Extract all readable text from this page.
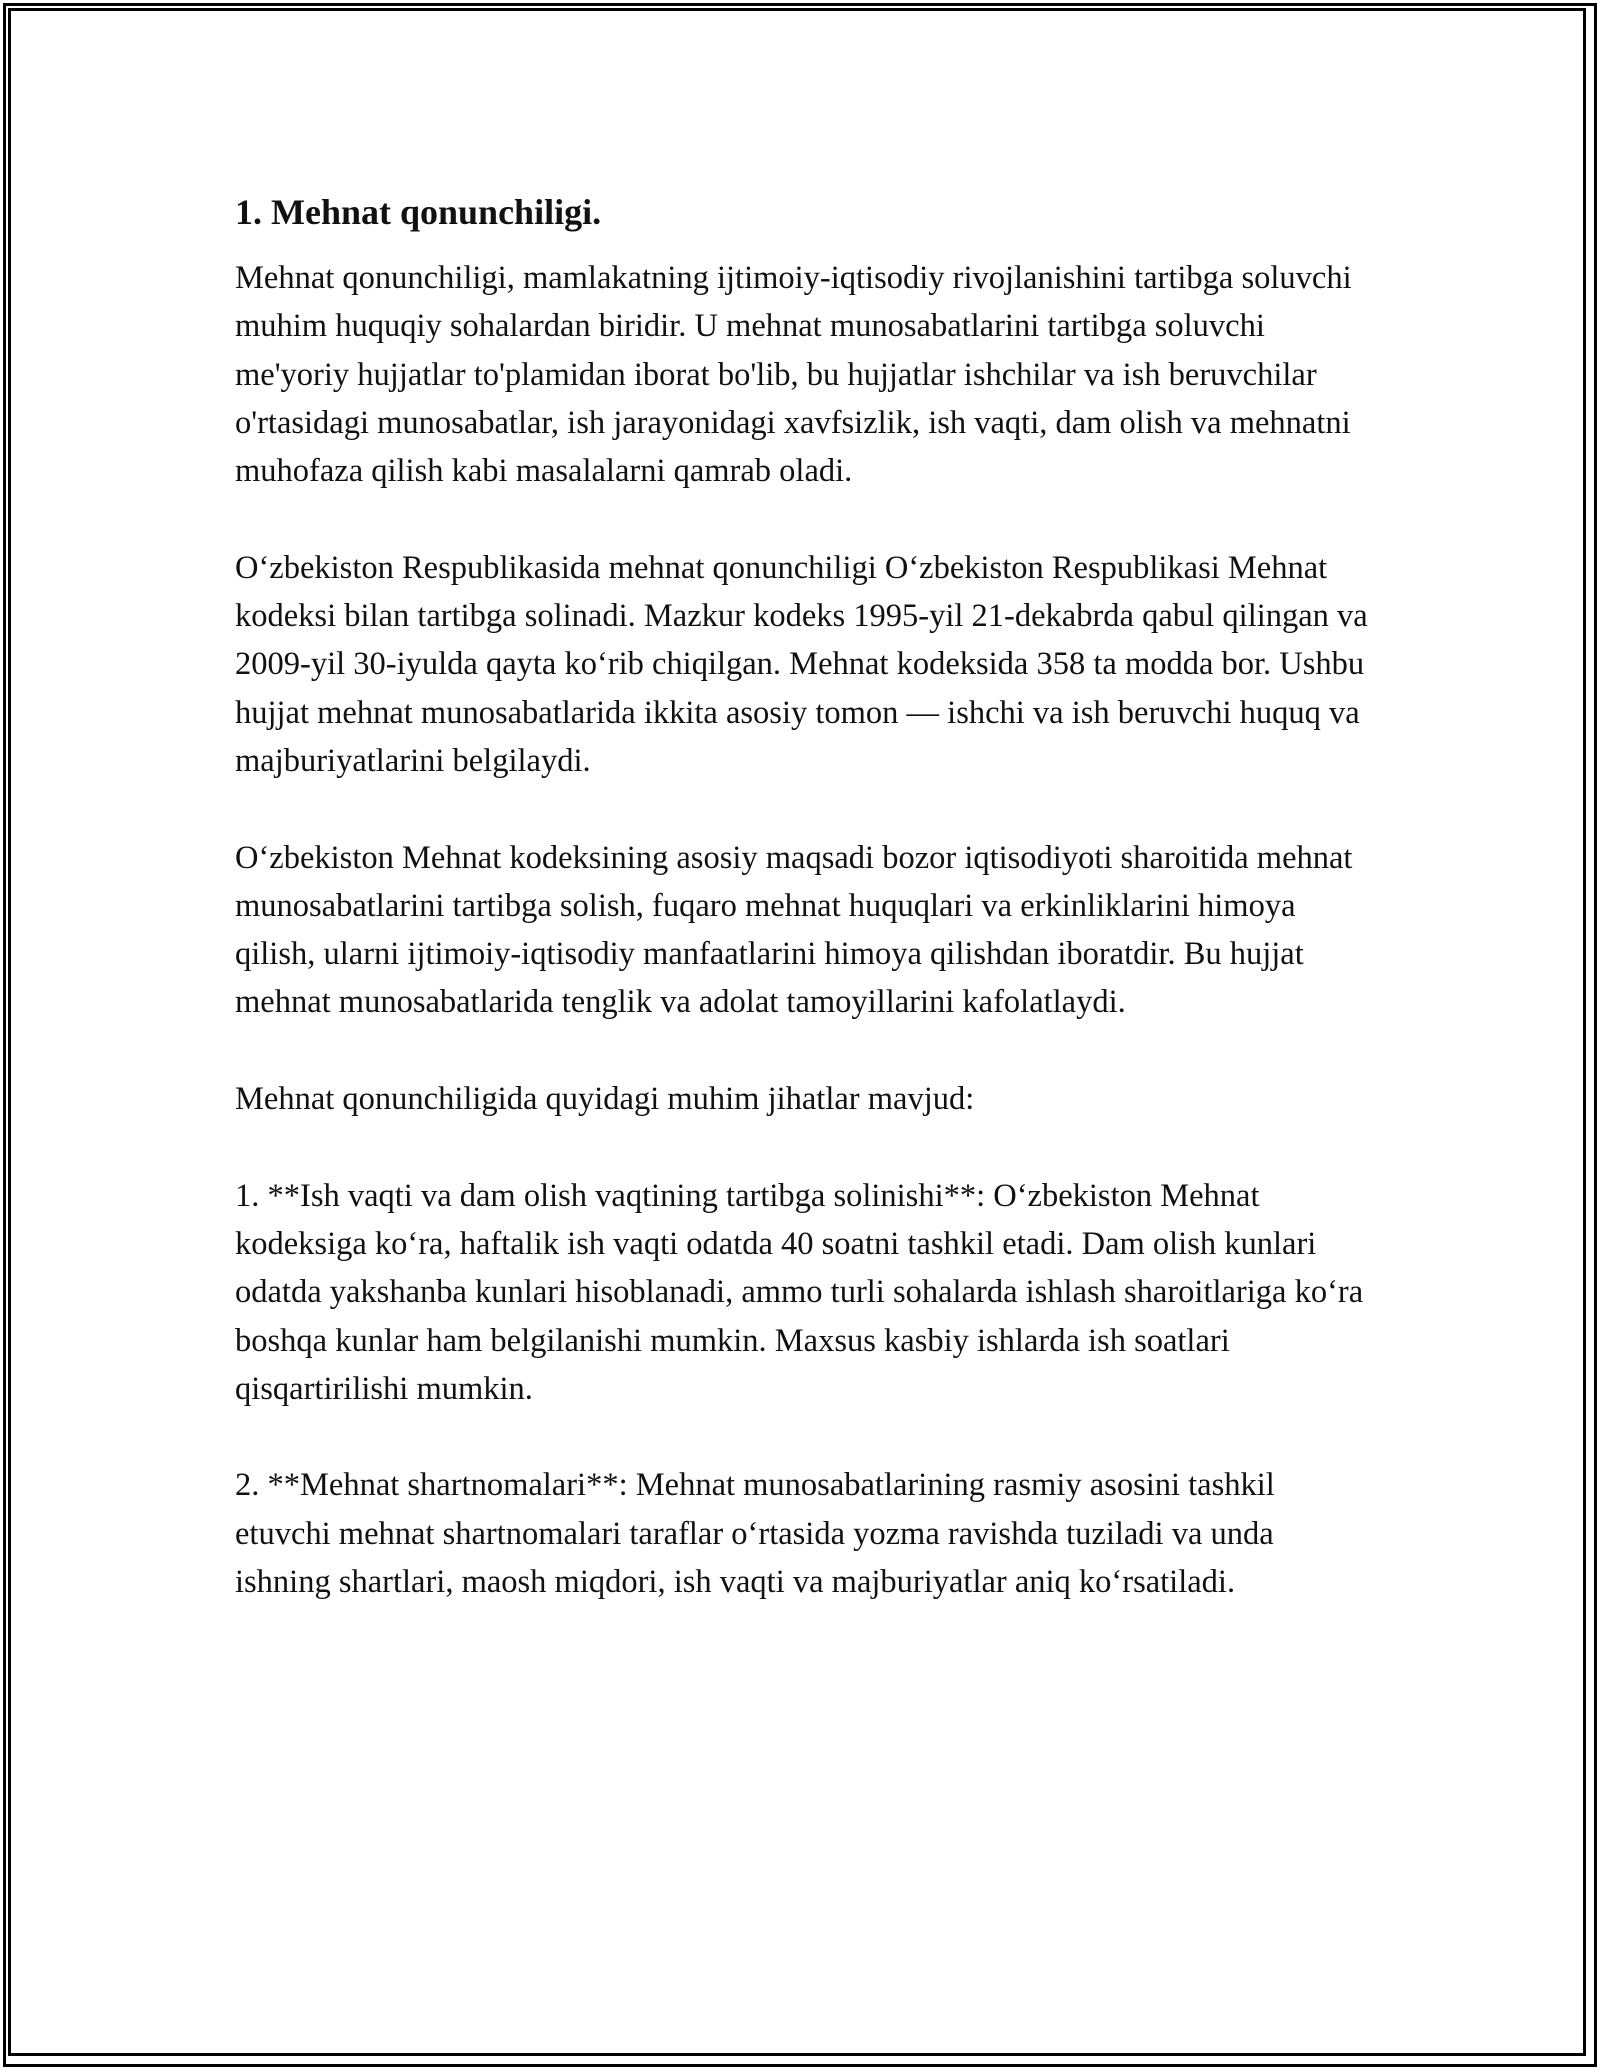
1. Mehnat qonunchiligi.

Mehnat qonunchiligi, mamlakatning ijtimoiy-iqtisodiy rivojlanishini tartibga soluvchi muhim huquqiy sohalardan biridir. U mehnat munosabatlarini tartibga soluvchi me'yoriy hujjatlar to'plamidan iborat bo'lib, bu hujjatlar ishchilar va ish beruvchilar o'rtasidagi munosabatlar, ish jarayonidagi xavfsizlik, ish vaqti, dam olish va mehnatni muhofaza qilish kabi masalalarni qamrab oladi.

O‘zbekiston Respublikasida mehnat qonunchiligi O‘zbekiston Respublikasi Mehnat kodeksi bilan tartibga solinadi. Mazkur kodeks 1995-yil 21-dekabrda qabul qilingan va 2009-yil 30-iyulda qayta ko‘rib chiqilgan. Mehnat kodeksida 358 ta modda bor. Ushbu hujjat mehnat munosabatlarida ikkita asosiy tomon — ishchi va ish beruvchi huquq va majburiyatlarini belgilaydi.

O‘zbekiston Mehnat kodeksining asosiy maqsadi bozor iqtisodiyoti sharoitida mehnat munosabatlarini tartibga solish, fuqaro mehnat huquqlari va erkinliklarini himoya qilish, ularni ijtimoiy-iqtisodiy manfaatlarini himoya qilishdan iboratdir. Bu hujjat mehnat munosabatlarida tenglik va adolat tamoyillarini kafolatlaydi.

Mehnat qonunchiligida quyidagi muhim jihatlar mavjud:

1. **Ish vaqti va dam olish vaqtining tartibga solinishi**: O‘zbekiston Mehnat kodeksiga ko‘ra, haftalik ish vaqti odatda 40 soatni tashkil etadi. Dam olish kunlari odatda yakshanba kunlari hisoblanadi, ammo turli sohalarda ishlash sharoitlariga ko‘ra boshqa kunlar ham belgilanishi mumkin. Maxsus kasbiy ishlarda ish soatlari qisqartirilishi mumkin.

2. **Mehnat shartnomalari**: Mehnat munosabatlarining rasmiy asosini tashkil etuvchi mehnat shartnomalari taraflar o‘rtasida yozma ravishda tuziladi va unda ishning shartlari, maosh miqdori, ish vaqti va majburiyatlar aniq ko‘rsatiladi.
